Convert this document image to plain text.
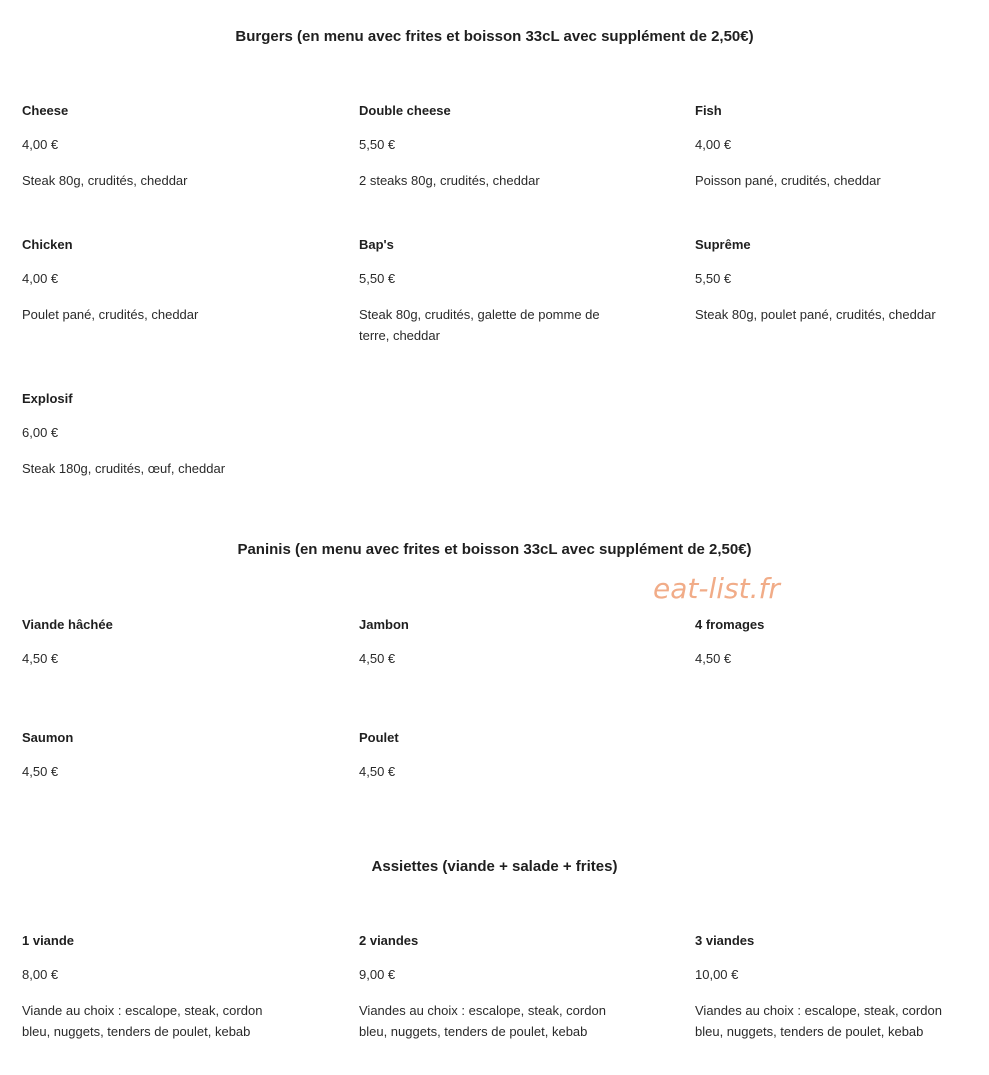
Burgers (en menu avec frites et boisson 33cL avec supplément de 2,50€)

Cheese

4,00 €

Steak 80g, crudités, cheddar

Double cheese

5,50 €

2 steaks 80g, crudités, cheddar

Fish

4,00 €

Poisson pané, crudités, cheddar

Chicken

4,00 €

Poulet pané, crudités, cheddar

Bap's

5,50 €

Steak 80g, crudités, galette de pomme de terre, cheddar

Suprême

5,50 €

Steak 80g, poulet pané, crudités, cheddar

Explosif

6,00 €

Steak 180g, crudités, œuf, cheddar

Paninis (en menu avec frites et boisson 33cL avec supplément de 2,50€)
eat-list.fr

Viande hâchée

4,50 €

Jambon

4,50 €

4 fromages

4,50 €

Saumon

4,50 €

Poulet

4,50 €

Assiettes (viande + salade + frites)

1 viande

8,00 €

Viande au choix : escalope, steak, cordon bleu, nuggets, tenders de poulet, kebab

2 viandes

9,00 €

Viandes au choix : escalope, steak, cordon bleu, nuggets, tenders de poulet, kebab

3 viandes

10,00 €

Viandes au choix : escalope, steak, cordon bleu, nuggets, tenders de poulet, kebab
